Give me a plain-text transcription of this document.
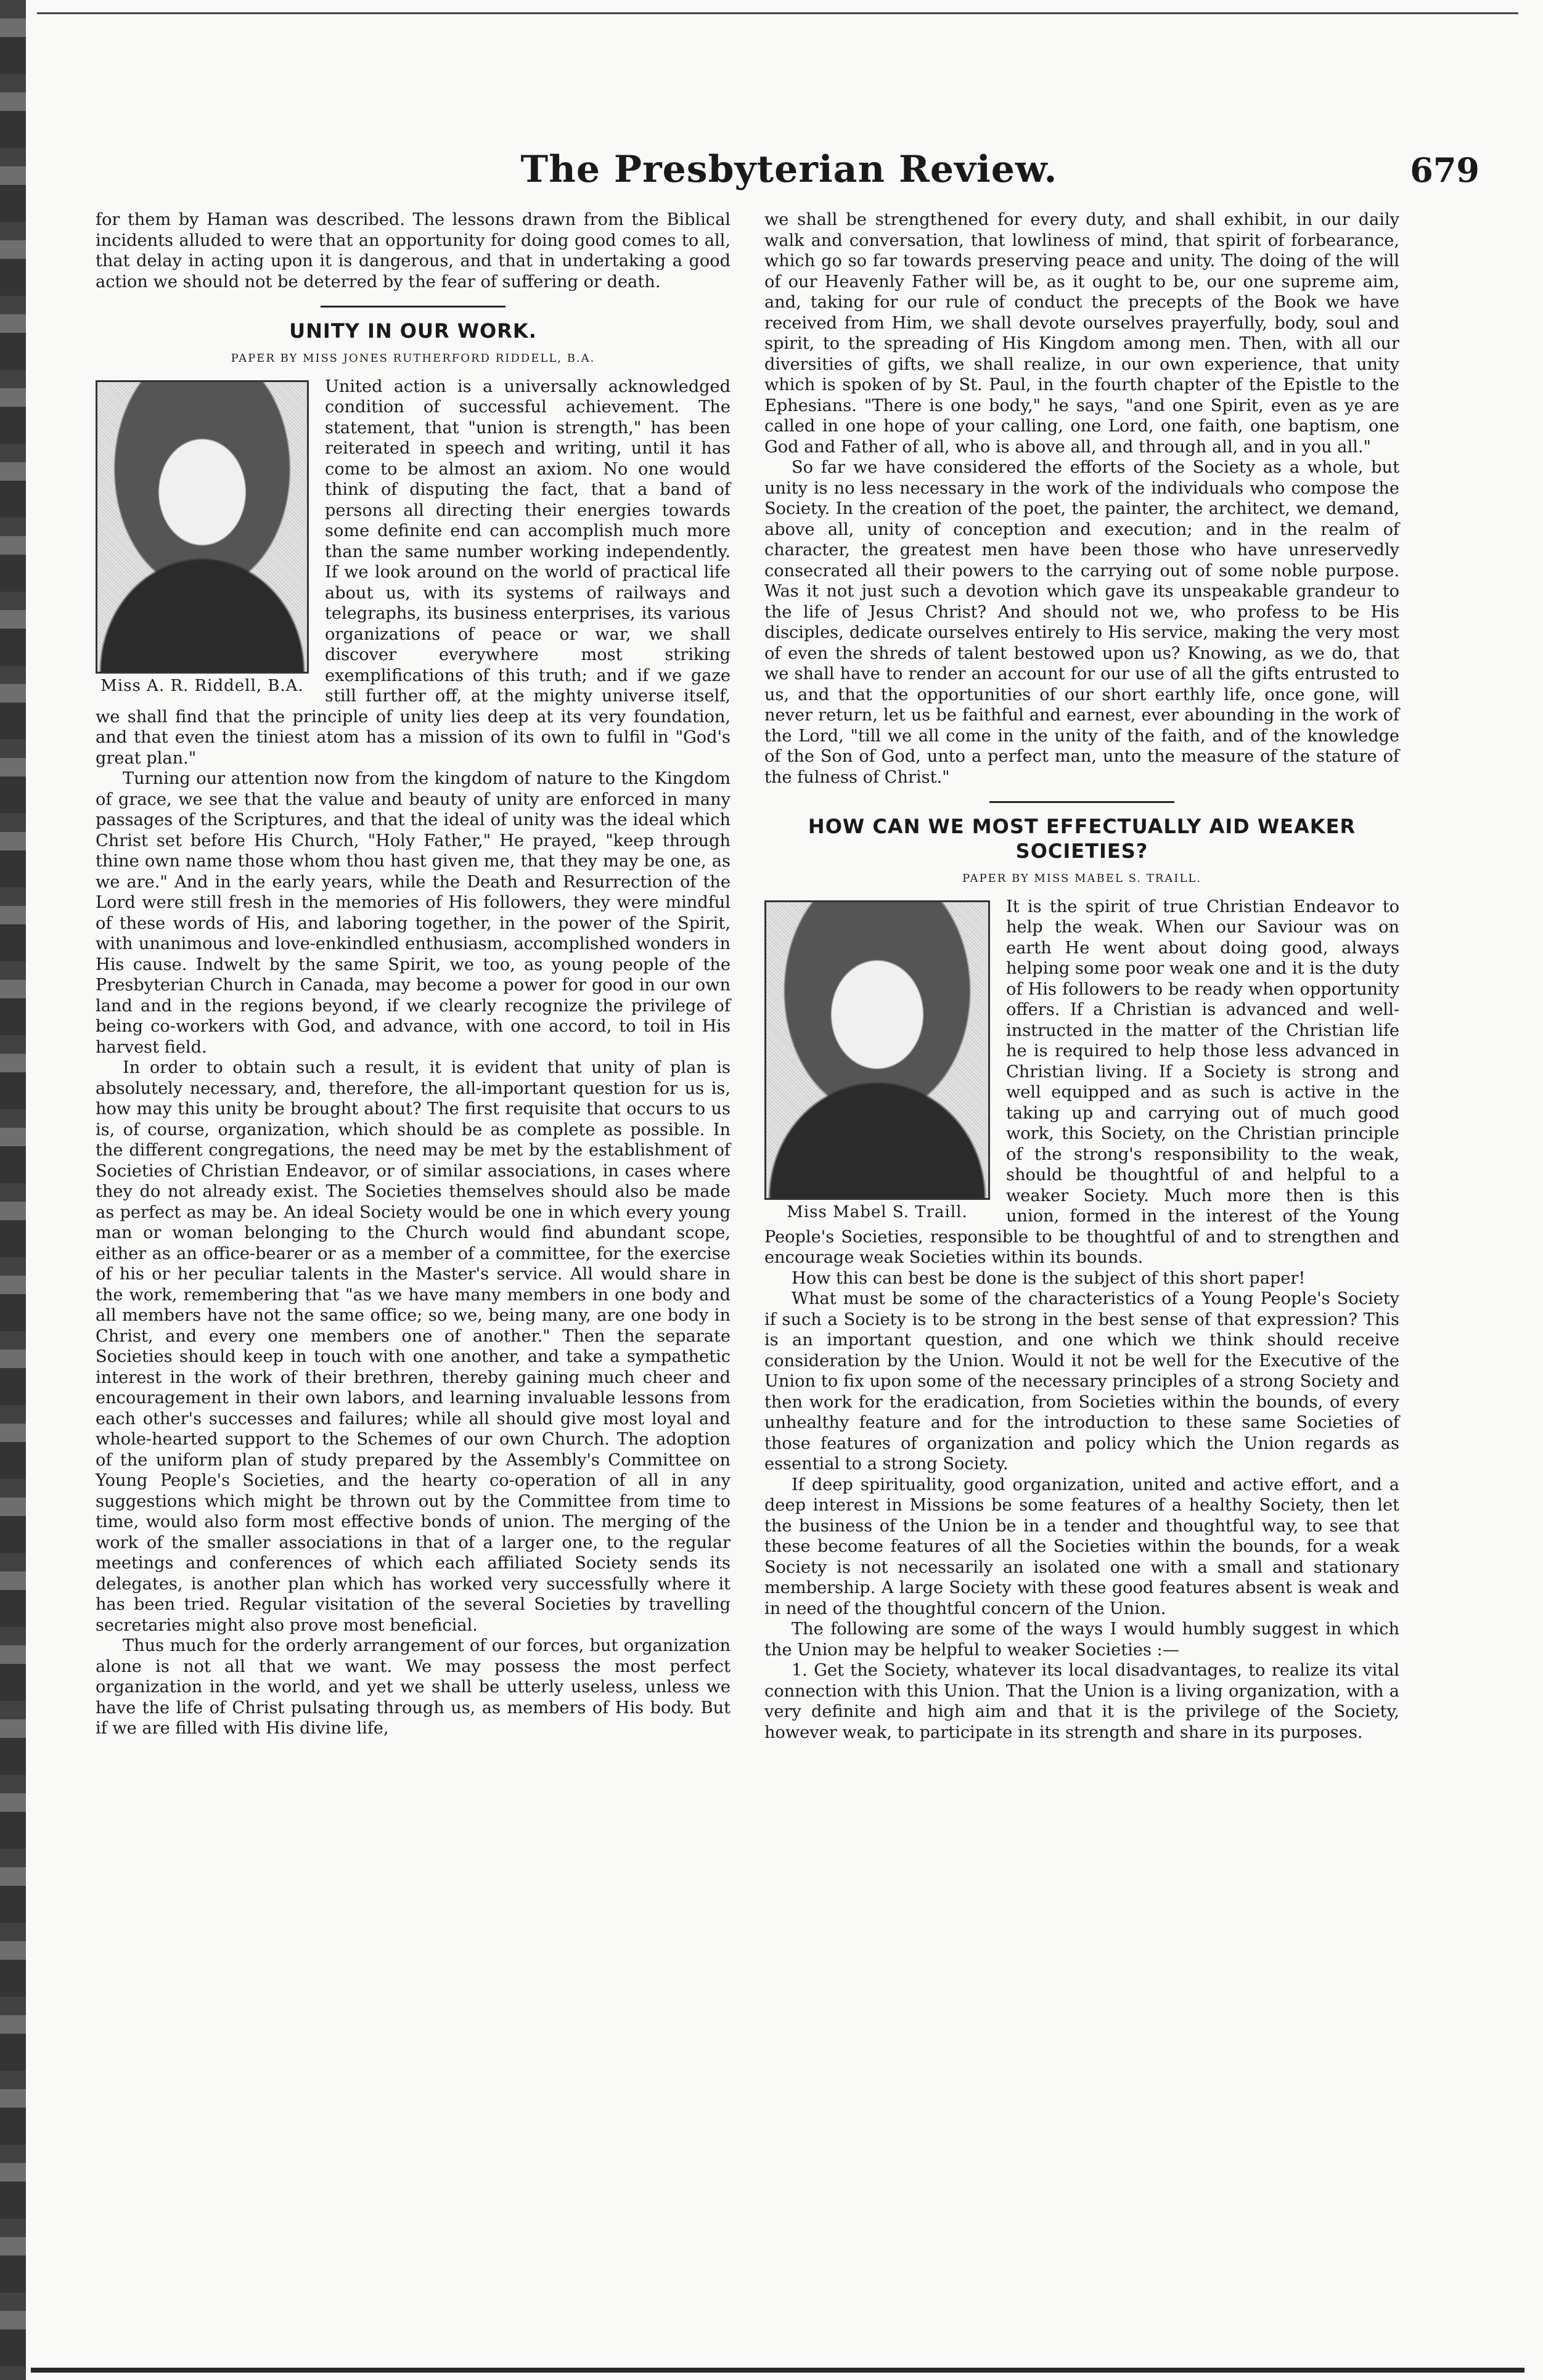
The Presbyterian Review.	679

for them by Haman was described. The lessons drawn from the Biblical incidents alluded to were that an opportunity for doing good comes to all, that delay in acting upon it is dangerous, and that in undertaking a good action we should not be deterred by the fear of suffering or death.

UNITY IN OUR WORK.
PAPER BY MISS JONES RUTHERFORD RIDDELL, B.A.
Miss A. R. Riddell, B.A.

United action is a universally acknowledged condition of successful achievement. The statement, that "union is strength," has been reiterated in speech and writing, until it has come to be almost an axiom. No one would think of disputing the fact, that a band of persons all directing their energies towards some definite end can accomplish much more than the same number working independently. If we look around on the world of practical life about us, with its systems of railways and telegraphs, its business enterprises, its various organizations of peace or war, we shall discover everywhere most striking exemplifications of this truth; and if we gaze still further off, at the mighty universe itself, we shall find that the principle of unity lies deep at its very foundation, and that even the tiniest atom has a mission of its own to fulfil in "God's great plan."

Turning our attention now from the kingdom of nature to the Kingdom of grace, we see that the value and beauty of unity are enforced in many passages of the Scriptures, and that the ideal of unity was the ideal which Christ set before His Church, "Holy Father," He prayed, "keep through thine own name those whom thou hast given me, that they may be one, as we are." And in the early years, while the Death and Resurrection of the Lord were still fresh in the memories of His followers, they were mindful of these words of His, and laboring together, in the power of the Spirit, with unanimous and love-enkindled enthusiasm, accomplished wonders in His cause. Indwelt by the same Spirit, we too, as young people of the Presbyterian Church in Canada, may become a power for good in our own land and in the regions beyond, if we clearly recognize the privilege of being co-workers with God, and advance, with one accord, to toil in His harvest field.

In order to obtain such a result, it is evident that unity of plan is absolutely necessary, and, therefore, the all-important question for us is, how may this unity be brought about? The first requisite that occurs to us is, of course, organization, which should be as complete as possible. In the different congregations, the need may be met by the establishment of Societies of Christian Endeavor, or of similar associations, in cases where they do not already exist. The Societies themselves should also be made as perfect as may be. An ideal Society would be one in which every young man or woman belonging to the Church would find abundant scope, either as an office-bearer or as a member of a committee, for the exercise of his or her peculiar talents in the Master's service. All would share in the work, remembering that "as we have many members in one body and all members have not the same office; so we, being many, are one body in Christ, and every one members one of another." Then the separate Societies should keep in touch with one another, and take a sympathetic interest in the work of their brethren, thereby gaining much cheer and encouragement in their own labors, and learning invaluable lessons from each other's successes and failures; while all should give most loyal and whole-hearted support to the Schemes of our own Church. The adoption of the uniform plan of study prepared by the Assembly's Committee on Young People's Societies, and the hearty co-operation of all in any suggestions which might be thrown out by the Committee from time to time, would also form most effective bonds of union. The merging of the work of the smaller associations in that of a larger one, to the regular meetings and conferences of which each affiliated Society sends its delegates, is another plan which has worked very successfully where it has been tried. Regular visitation of the several Societies by travelling secretaries might also prove most beneficial.

Thus much for the orderly arrangement of our forces, but organization alone is not all that we want. We may possess the most perfect organization in the world, and yet we shall be utterly useless, unless we have the life of Christ pulsating through us, as members of His body. But if we are filled with His divine life,

we shall be strengthened for every duty, and shall exhibit, in our daily walk and conversation, that lowliness of mind, that spirit of forbearance, which go so far towards preserving peace and unity. The doing of the will of our Heavenly Father will be, as it ought to be, our one supreme aim, and, taking for our rule of conduct the precepts of the Book we have received from Him, we shall devote ourselves prayerfully, body, soul and spirit, to the spreading of His Kingdom among men. Then, with all our diversities of gifts, we shall realize, in our own experience, that unity which is spoken of by St. Paul, in the fourth chapter of the Epistle to the Ephesians. "There is one body," he says, "and one Spirit, even as ye are called in one hope of your calling, one Lord, one faith, one baptism, one God and Father of all, who is above all, and through all, and in you all."

So far we have considered the efforts of the Society as a whole, but unity is no less necessary in the work of the individuals who compose the Society. In the creation of the poet, the painter, the architect, we demand, above all, unity of conception and execution; and in the realm of character, the greatest men have been those who have unreservedly consecrated all their powers to the carrying out of some noble purpose. Was it not just such a devotion which gave its unspeakable grandeur to the life of Jesus Christ? And should not we, who profess to be His disciples, dedicate ourselves entirely to His service, making the very most of even the shreds of talent bestowed upon us? Knowing, as we do, that we shall have to render an account for our use of all the gifts entrusted to us, and that the opportunities of our short earthly life, once gone, will never return, let us be faithful and earnest, ever abounding in the work of the Lord, "till we all come in the unity of the faith, and of the knowledge of the Son of God, unto a perfect man, unto the measure of the stature of the fulness of Christ."

HOW CAN WE MOST EFFECTUALLY AID WEAKER SOCIETIES?
PAPER BY MISS MABEL S. TRAILL.
Miss Mabel S. Traill.

It is the spirit of true Christian Endeavor to help the weak. When our Saviour was on earth He went about doing good, always helping some poor weak one and it is the duty of His followers to be ready when opportunity offers. If a Christian is advanced and well-instructed in the matter of the Christian life he is required to help those less advanced in Christian living. If a Society is strong and well equipped and as such is active in the taking up and carrying out of much good work, this Society, on the Christian principle of the strong's responsibility to the weak, should be thoughtful of and helpful to a weaker Society. Much more then is this union, formed in the interest of the Young People's Societies, responsible to be thoughtful of and to strengthen and encourage weak Societies within its bounds.

How this can best be done is the subject of this short paper!

What must be some of the characteristics of a Young People's Society if such a Society is to be strong in the best sense of that expression? This is an important question, and one which we think should receive consideration by the Union. Would it not be well for the Executive of the Union to fix upon some of the necessary principles of a strong Society and then work for the eradication, from Societies within the bounds, of every unhealthy feature and for the introduction to these same Societies of those features of organization and policy which the Union regards as essential to a strong Society.

If deep spirituality, good organization, united and active effort, and a deep interest in Missions be some features of a healthy Society, then let the business of the Union be in a tender and thoughtful way, to see that these become features of all the Societies within the bounds, for a weak Society is not necessarily an isolated one with a small and stationary membership. A large Society with these good features absent is weak and in need of the thoughtful concern of the Union.

The following are some of the ways I would humbly suggest in which the Union may be helpful to weaker Societies :—

1. Get the Society, whatever its local disadvantages, to realize its vital connection with this Union. That the Union is a living organization, with a very definite and high aim and that it is the privilege of the Society, however weak, to participate in its strength and share in its purposes.
